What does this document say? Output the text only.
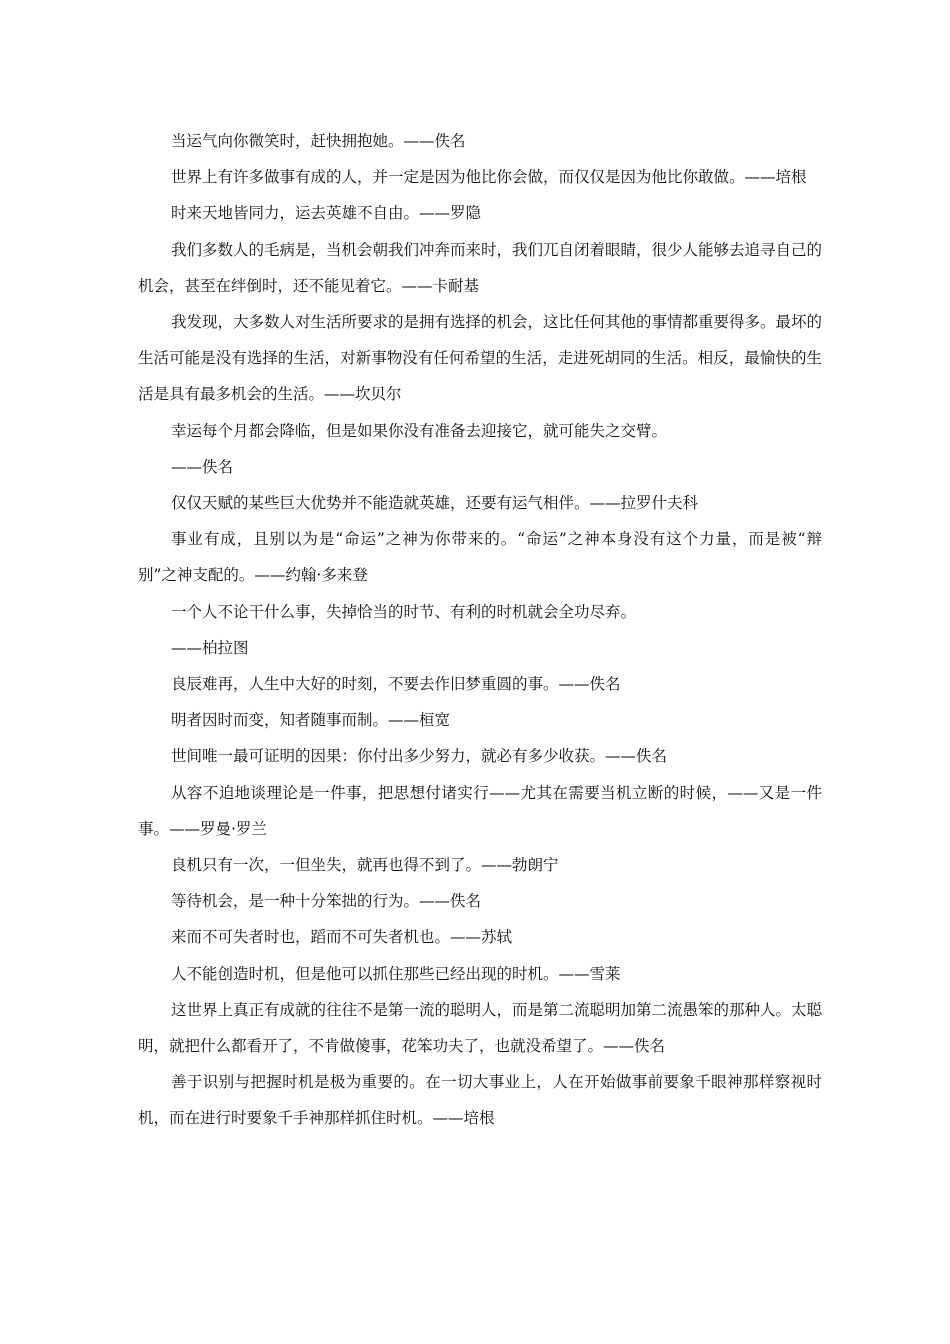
当运气向你微笑时，赶快拥抱她。——佚名

世界上有许多做事有成的人，并一定是因为他比你会做，而仅仅是因为他比你敢做。——培根

时来天地皆同力，运去英雄不自由。——罗隐

我们多数人的毛病是，当机会朝我们冲奔而来时，我们兀自闭着眼睛，很少人能够去追寻自己的机会，甚至在绊倒时，还不能见着它。——卡耐基

我发现，大多数人对生活所要求的是拥有选择的机会，这比任何其他的事情都重要得多。最坏的生活可能是没有选择的生活，对新事物没有任何希望的生活，走进死胡同的生活。相反，最愉快的生活是具有最多机会的生活。——坎贝尔

幸运每个月都会降临，但是如果你没有准备去迎接它，就可能失之交臂。

——佚名

仅仅天赋的某些巨大优势并不能造就英雄，还要有运气相伴。——拉罗什夫科

事业有成，且别以为是“命运”之神为你带来的。“命运”之神本身没有这个力量，而是被“辩别”之神支配的。——约翰·多来登

一个人不论干什么事，失掉恰当的时节、有利的时机就会全功尽弃。

——柏拉图

良辰难再，人生中大好的时刻，不要去作旧梦重圆的事。——佚名

明者因时而变，知者随事而制。——桓宽

世间唯一最可证明的因果：你付出多少努力，就必有多少收获。——佚名

从容不迫地谈理论是一件事，把思想付诸实行——尤其在需要当机立断的时候，——又是一件事。——罗曼·罗兰

良机只有一次，一但坐失，就再也得不到了。——勃朗宁

等待机会，是一种十分笨拙的行为。——佚名

来而不可失者时也，蹈而不可失者机也。——苏轼

人不能创造时机，但是他可以抓住那些已经出现的时机。——雪莱

这世界上真正有成就的往往不是第一流的聪明人，而是第二流聪明加第二流愚笨的那种人。太聪明，就把什么都看开了，不肯做傻事，花笨功夫了，也就没希望了。——佚名

善于识别与把握时机是极为重要的。在一切大事业上，人在开始做事前要象千眼神那样察视时机，而在进行时要象千手神那样抓住时机。——培根
